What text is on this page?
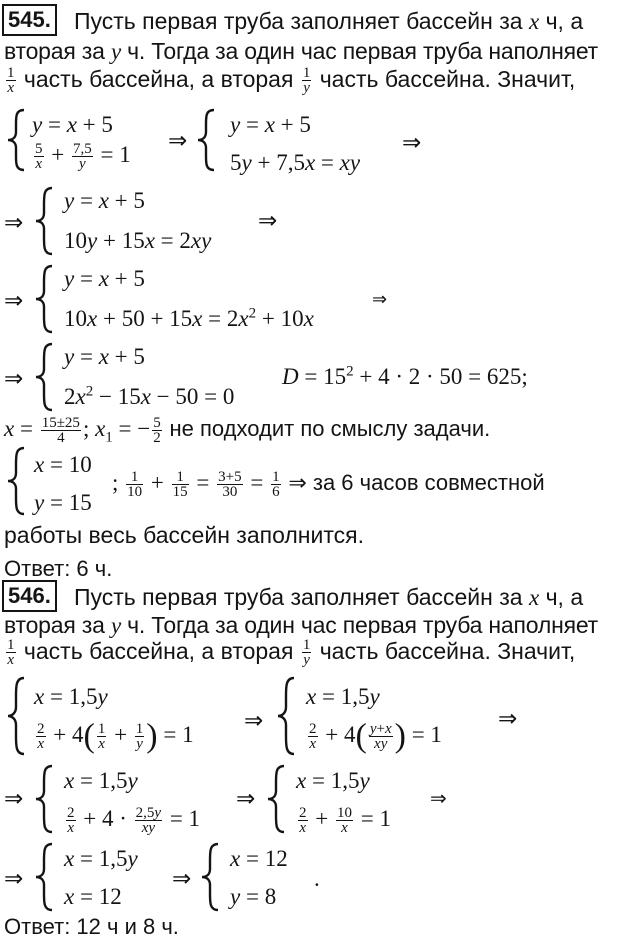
545. Пусть первая труба заполняет бассейн за x ч, а
вторая за y ч. Тогда за один час первая труба наполняет
$\frac{1}{x}$ часть бассейна, а вторая $\frac{1}{y}$ часть бассейна. Значит,
y = x + 5
$\frac{5}{x} + \frac{7,5}{y} = 1$
⇒
y = x + 5
5y + 7,5x = xy
⇒
⇒
y = x + 5
10y + 15x = 2xy
⇒
⇒
y = x + 5
$10x + 50 + 15x = 2x^2 + 10x$
⇒
⇒
y = x + 5
$2x^2 - 15x - 50 = 0$
$D = 15^2 + 4 \cdot 2 \cdot 50 = 625$;
$x = \frac{15\pm 25}{4}$ ; $x_1$ = − $\frac{5}{2}$ не подходит по смыслу задачи.
x = 10
y = 15
; $\frac{1}{10} + \frac{1}{15} = \frac{3+5}{30} = \frac{1}{6}$ ⇒ за 6 часов совместной
работы весь бассейн заполнится.
Ответ: 6 ч.
546. Пусть первая труба заполняет бассейн за x ч, а
вторая за y ч. Тогда за один час первая труба наполняет
$\frac{1}{x}$ часть бассейна, а вторая $\frac{1}{y}$ часть бассейна. Значит,
x = 1,5y
$\frac{2}{x} + 4( \frac{1}{x} + \frac{1}{y}$ ) = 1
⇒
x = 1,5y
$\frac{2}{x} + 4( \frac{y+x}{xy}$ ) = 1
⇒
⇒
x = 1,5y
$\frac{2}{x} + 4 \cdot \frac{2,5y}{xy} = 1$
⇒
x = 1,5y
$\frac{2}{x} + \frac{10}{x} = 1$
⇒
⇒
x = 1,5y
x = 12
⇒
x = 12
y = 8
.
Ответ: 12 ч и 8 ч.
